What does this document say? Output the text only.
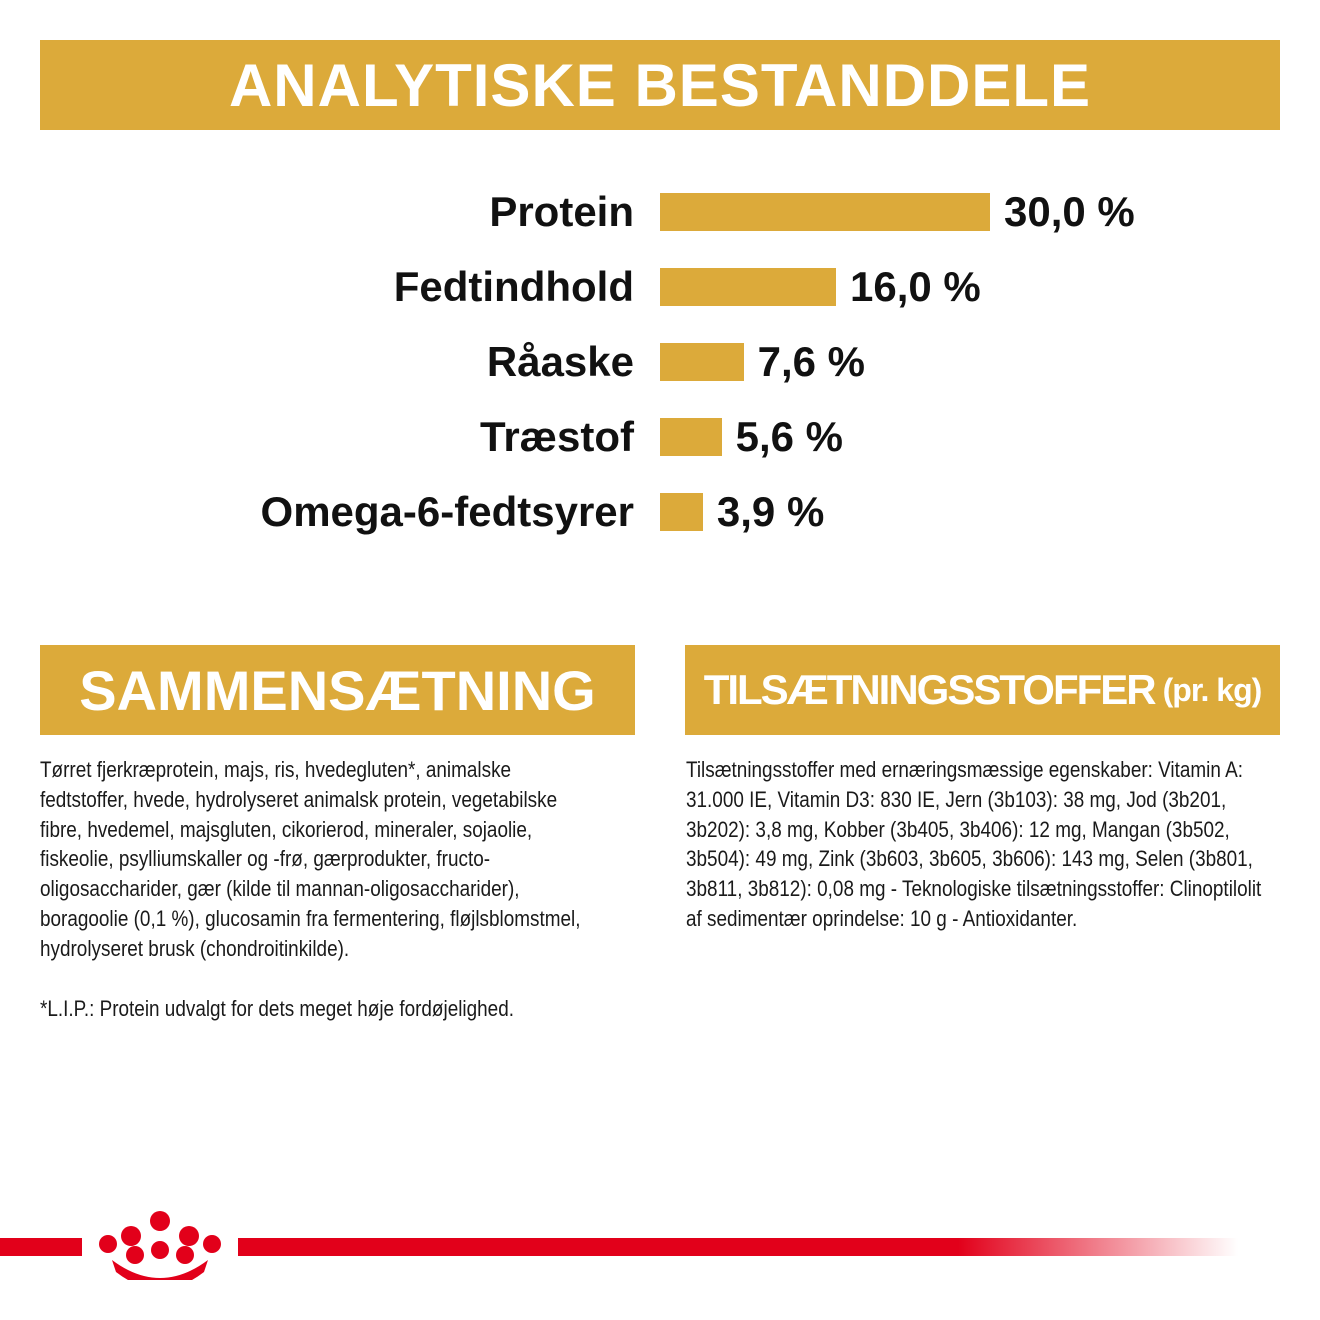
ANALYTISKE BESTANDDELE
Protein	30,0 %
Fedtindhold	16,0 %
Råaske	7,6 %
Træstof 5,6 %
Omega-6-fedtsyrer 3,9 %
SAMMENSÆTNING

Tørret fjerkræprotein, majs, ris, hvedegluten*, animalske fedtstoffer, hvede, hydrolyseret animalsk protein, vegetabilske fibre, hvedemel, majsgluten, cikorierod, mineraler, sojaolie, fiskeolie, psylliumskaller og -frø, gærprodukter, fructo-oligosaccharider, gær (kilde til mannan-oligosaccharider), boragoolie (0,1 %), glucosamin fra fermentering, fløjlsblomstmel, hydrolyseret brusk (chondroitinkilde).

*L.I.P.: Protein udvalgt for dets meget høje fordøjelighed.

TILSÆTNINGSSTOFFER (pr. kg)

Tilsætningsstoffer med ernæringsmæssige egenskaber: Vitamin A: 31.000 IE, Vitamin D3: 830 IE, Jern (3b103): 38 mg, Jod (3b201, 3b202): 3,8 mg, Kobber (3b405, 3b406): 12 mg, Mangan (3b502, 3b504): 49 mg, Zink (3b603, 3b605, 3b606): 143 mg, Selen (3b801, 3b811, 3b812): 0,08 mg - Teknologiske tilsætningsstoffer: Clinoptilolit af sedimentær oprindelse: 10 g - Antioxidanter.
